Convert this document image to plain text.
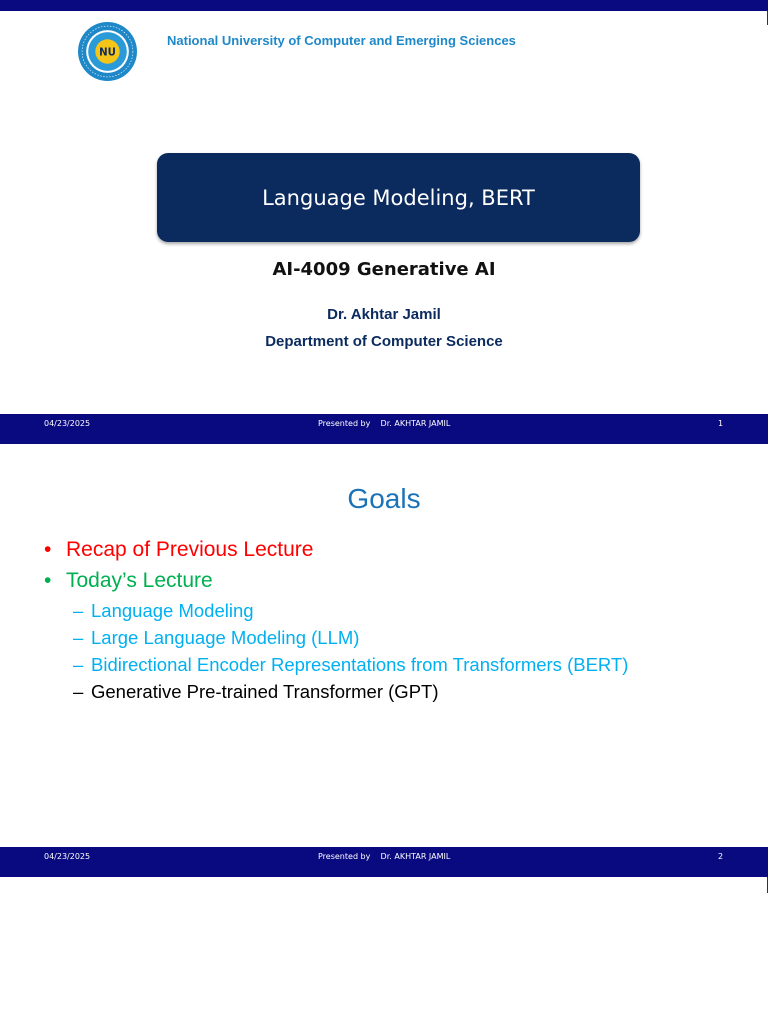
NU
National University of Computer and Emerging Sciences
Language Modeling, BERT
AI-4009 Generative AI
Dr. Akhtar Jamil
Department of Computer Science
04/23/2025	Presented by    Dr. AKHTAR JAMIL	1
Goals
• Recap of Previous Lecture
• Today’s Lecture
– Language Modeling
– Large Language Modeling (LLM)
– Bidirectional Encoder Representations from Transformers (BERT)
– Generative Pre-trained Transformer (GPT)
04/23/2025	Presented by    Dr. AKHTAR JAMIL	2
